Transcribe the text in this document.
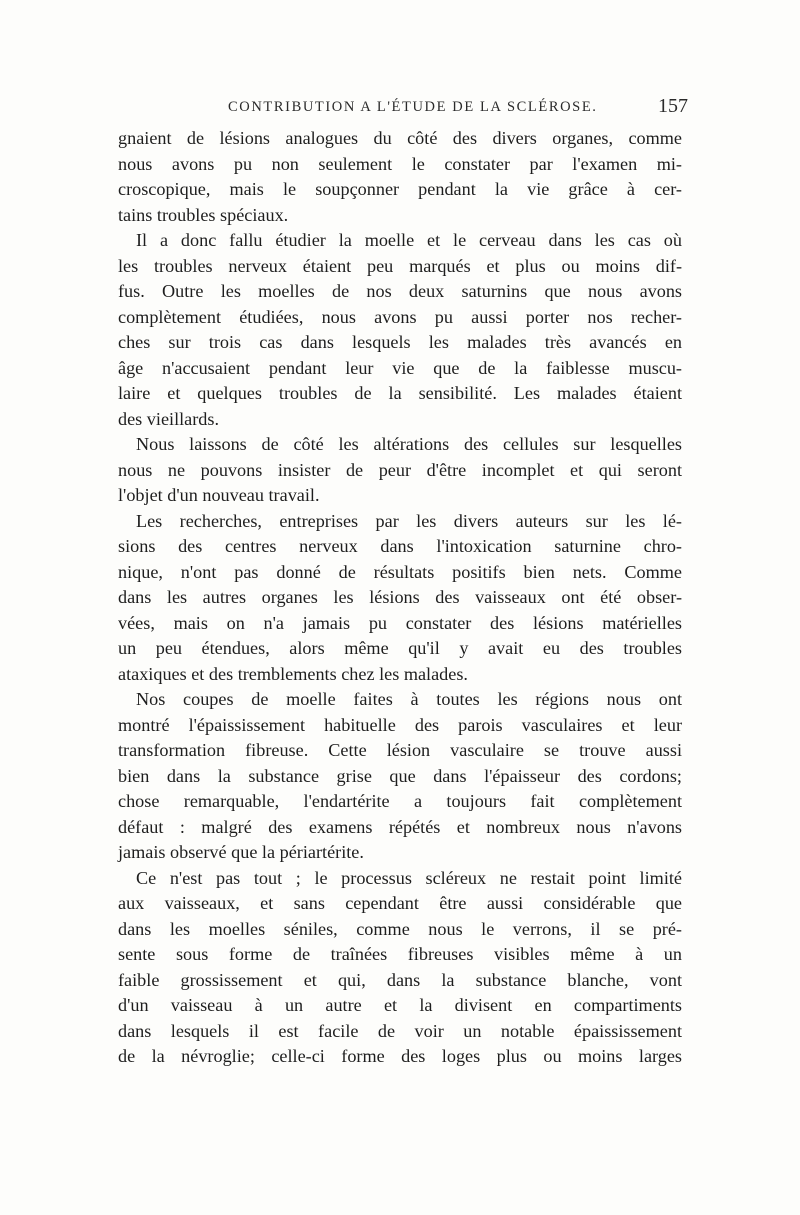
CONTRIBUTION A L'ÉTUDE DE LA SCLÉROSE.	157
gnaient de lésions analogues du côté des divers organes, comme
nous avons pu non seulement le constater par l'examen mi-
croscopique, mais le soupçonner pendant la vie grâce à cer-
tains troubles spéciaux.
Il a donc fallu étudier la moelle et le cerveau dans les cas où
les troubles nerveux étaient peu marqués et plus ou moins dif-
fus. Outre les moelles de nos deux saturnins que nous avons
complètement étudiées, nous avons pu aussi porter nos recher-
ches sur trois cas dans lesquels les malades très avancés en
âge n'accusaient pendant leur vie que de la faiblesse muscu-
laire et quelques troubles de la sensibilité. Les malades étaient
des vieillards.
Nous laissons de côté les altérations des cellules sur lesquelles
nous ne pouvons insister de peur d'être incomplet et qui seront
l'objet d'un nouveau travail.
Les recherches, entreprises par les divers auteurs sur les lé-
sions des centres nerveux dans l'intoxication saturnine chro-
nique, n'ont pas donné de résultats positifs bien nets. Comme
dans les autres organes les lésions des vaisseaux ont été obser-
vées, mais on n'a jamais pu constater des lésions matérielles
un peu étendues, alors même qu'il y avait eu des troubles
ataxiques et des tremblements chez les malades.
Nos coupes de moelle faites à toutes les régions nous ont
montré l'épaississement habituelle des parois vasculaires et leur
transformation fibreuse. Cette lésion vasculaire se trouve aussi
bien dans la substance grise que dans l'épaisseur des cordons;
chose remarquable, l'endartérite a toujours fait complètement
défaut : malgré des examens répétés et nombreux nous n'avons
jamais observé que la périartérite.
Ce n'est pas tout ; le processus scléreux ne restait point limité
aux vaisseaux, et sans cependant être aussi considérable que
dans les moelles séniles, comme nous le verrons, il se pré-
sente sous forme de traînées fibreuses visibles même à un
faible grossissement et qui, dans la substance blanche, vont
d'un vaisseau à un autre et la divisent en compartiments
dans lesquels il est facile de voir un notable épaississement
de la névroglie; celle-ci forme des loges plus ou moins larges
